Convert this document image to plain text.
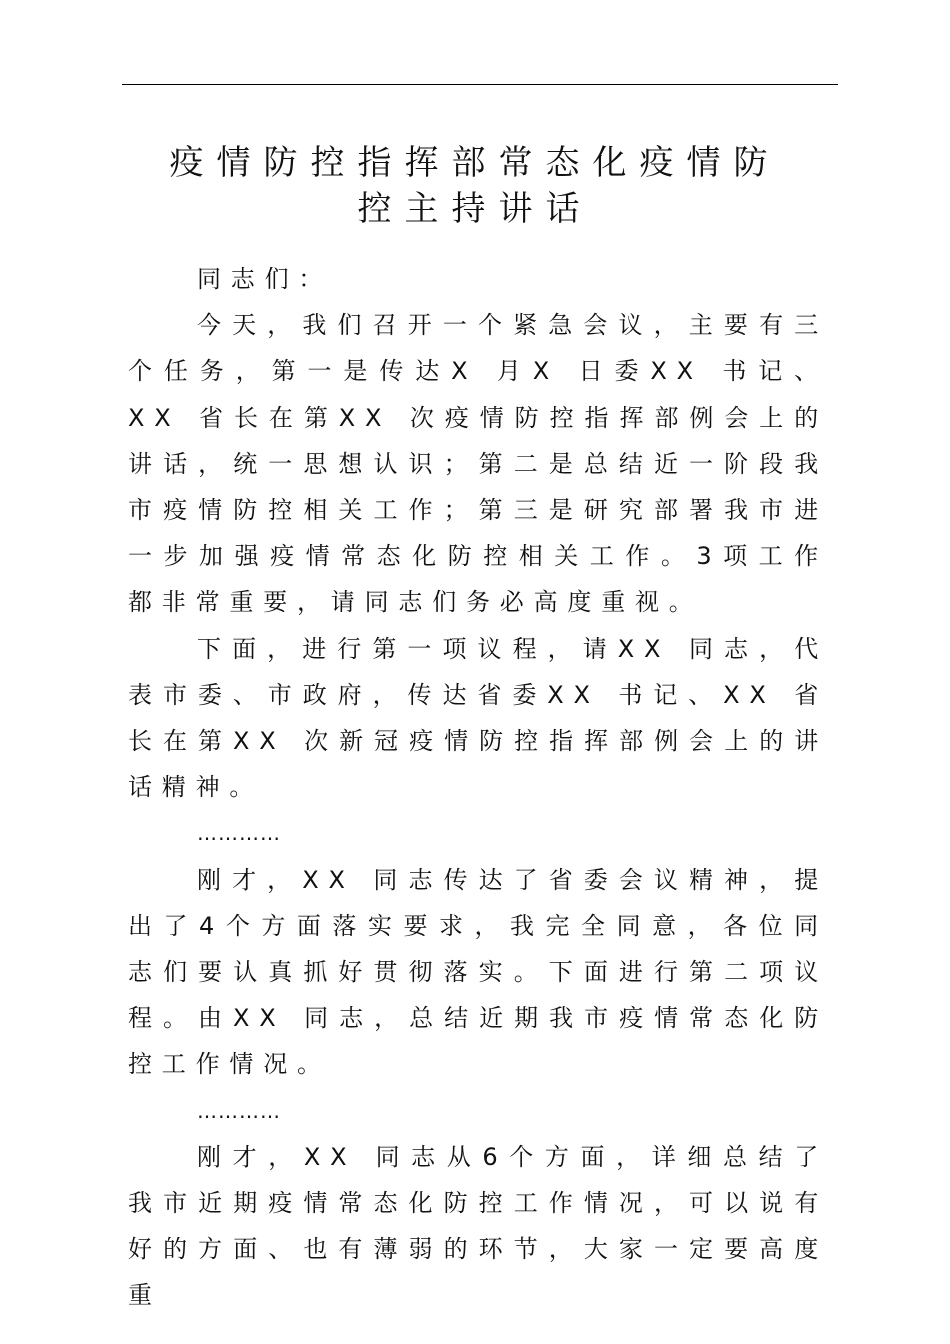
疫情防控指挥部常态化疫情防
控主持讲话

同志们：

今天，我们召开一个紧急会议，主要有三个任务，第一是传达X 月X 日委XX 书记、XX 省长在第XX 次疫情防控指挥部例会上的讲话，统一思想认识；第二是总结近一阶段我市疫情防控相关工作；第三是研究部署我市进一步加强疫情常态化防控相关工作。3项工作都非常重要，请同志们务必高度重视。

下面，进行第一项议程，请XX 同志，代表市委、市政府，传达省委XX 书记、XX 省长在第XX 次新冠疫情防控指挥部例会上的讲话精神。

…………

刚才，XX 同志传达了省委会议精神，提出了4个方面落实要求，我完全同意，各位同志们要认真抓好贯彻落实。下面进行第二项议程。由XX 同志，总结近期我市疫情常态化防控工作情况。

…………

刚才，XX 同志从6个方面，详细总结了我市近期疫情常态化防控工作情况，可以说有好的方面、也有薄弱的环节，大家一定要高度重
